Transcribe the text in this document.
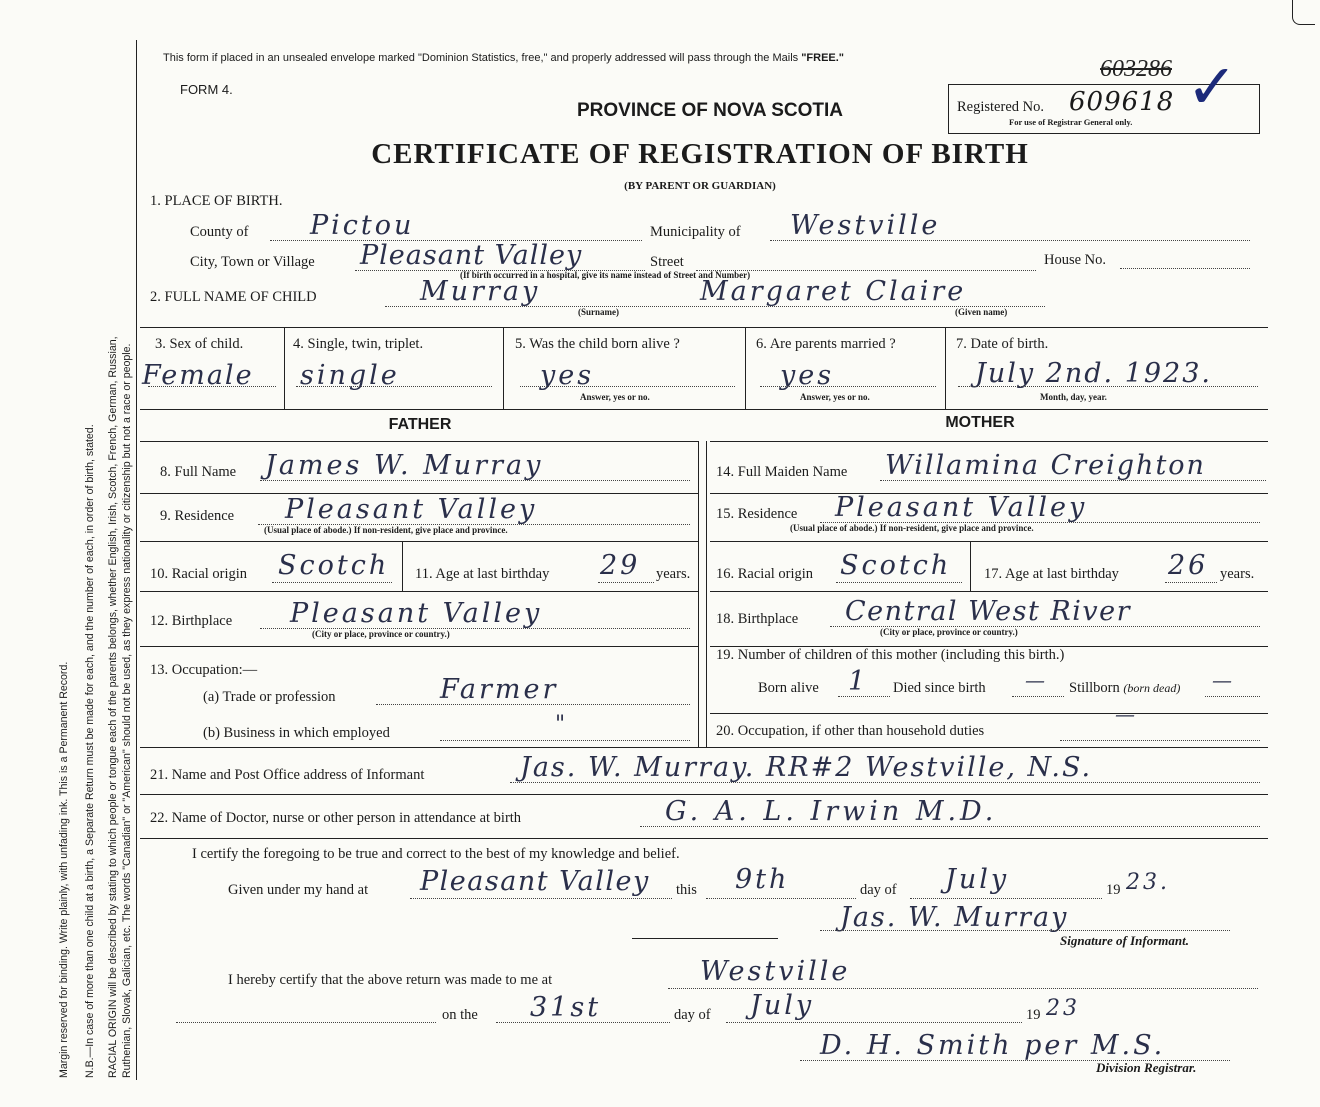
Margin reserved for binding. Write plainly, with unfading ink. This is a Permanent Record. N.B.—In case of more than one child at a birth, a Separate Return must be made for each, and the number of each, in order of birth, stated. RACIAL ORIGIN will be described by stating to which people or tongue each of the parents belongs, whether English, Irish, Scotch, French, German, Russian, Ruthenian, Slovak, Galician, etc. The words "Canadian" or "American" should not be used, as they express nationality or citizenship but not a race or people.
This form if placed in an unsealed envelope marked "Dominion Statistics, free," and properly addressed will pass through the Mails "FREE."
FORM 4.
PROVINCE OF NOVA SCOTIA
CERTIFICATE OF REGISTRATION OF BIRTH
(BY PARENT OR GUARDIAN)
Registered No. 609618
For use of Registrar General only.
603286 ✓
1. PLACE OF BIRTH.
County of Pictou	Municipality of Westville
City, Town or Village Pleasant Valley	Street
(If birth occurred in a hospital, give its name instead of Street and Number)
House No.
2. FULL NAME OF CHILD	Murray	Margaret Claire
(Surname)	(Given name)
3. Sex of child.
Female
4. Single, twin, triplet.
single
5. Was the child born alive ?
yes
Answer, yes or no.
6. Are parents married ?
yes
Answer, yes or no.
7. Date of birth.
July 2nd. 1923.
Month, day, year.
FATHER	MOTHER
8. Full Name James W. Murray
9. Residence Pleasant Valley
(Usual place of abode.) If non-resident, give place and province.
10. Racial origin Scotch 11. Age at last birthday 29 years.
12. Birthplace Pleasant Valley
(City or place, province or country.)
13. Occupation:—
(a) Trade or profession	Farmer
(b) Business in which employed	"
14. Full Maiden Name Willamina Creighton
15. Residence Pleasant Valley
(Usual place of abode.) If non-resident, give place and province.
16. Racial origin Scotch 17. Age at last birthday 26 years.
18. Birthplace Central West River
(City or place, province or country.)
19. Number of children of this mother (including this birth.)
Born alive 1 Died since birth — Stillborn (born dead) —
20. Occupation, if other than household duties
—
21. Name and Post Office address of Informant	Jas. W. Murray. RR#2 Westville, N.S.
22. Name of Doctor, nurse or other person in attendance at birth	G. A. L. Irwin M.D.
I certify the foregoing to be true and correct to the best of my knowledge and belief.
Given under my hand at Pleasant Valley this 9th	day of July	19 23.
Jas. W. Murray
Signature of Informant.
I hereby certify that the above return was made to me at	Westville
on the 31st	day of July	19 23
D. H. Smith per M.S.
Division Registrar.
